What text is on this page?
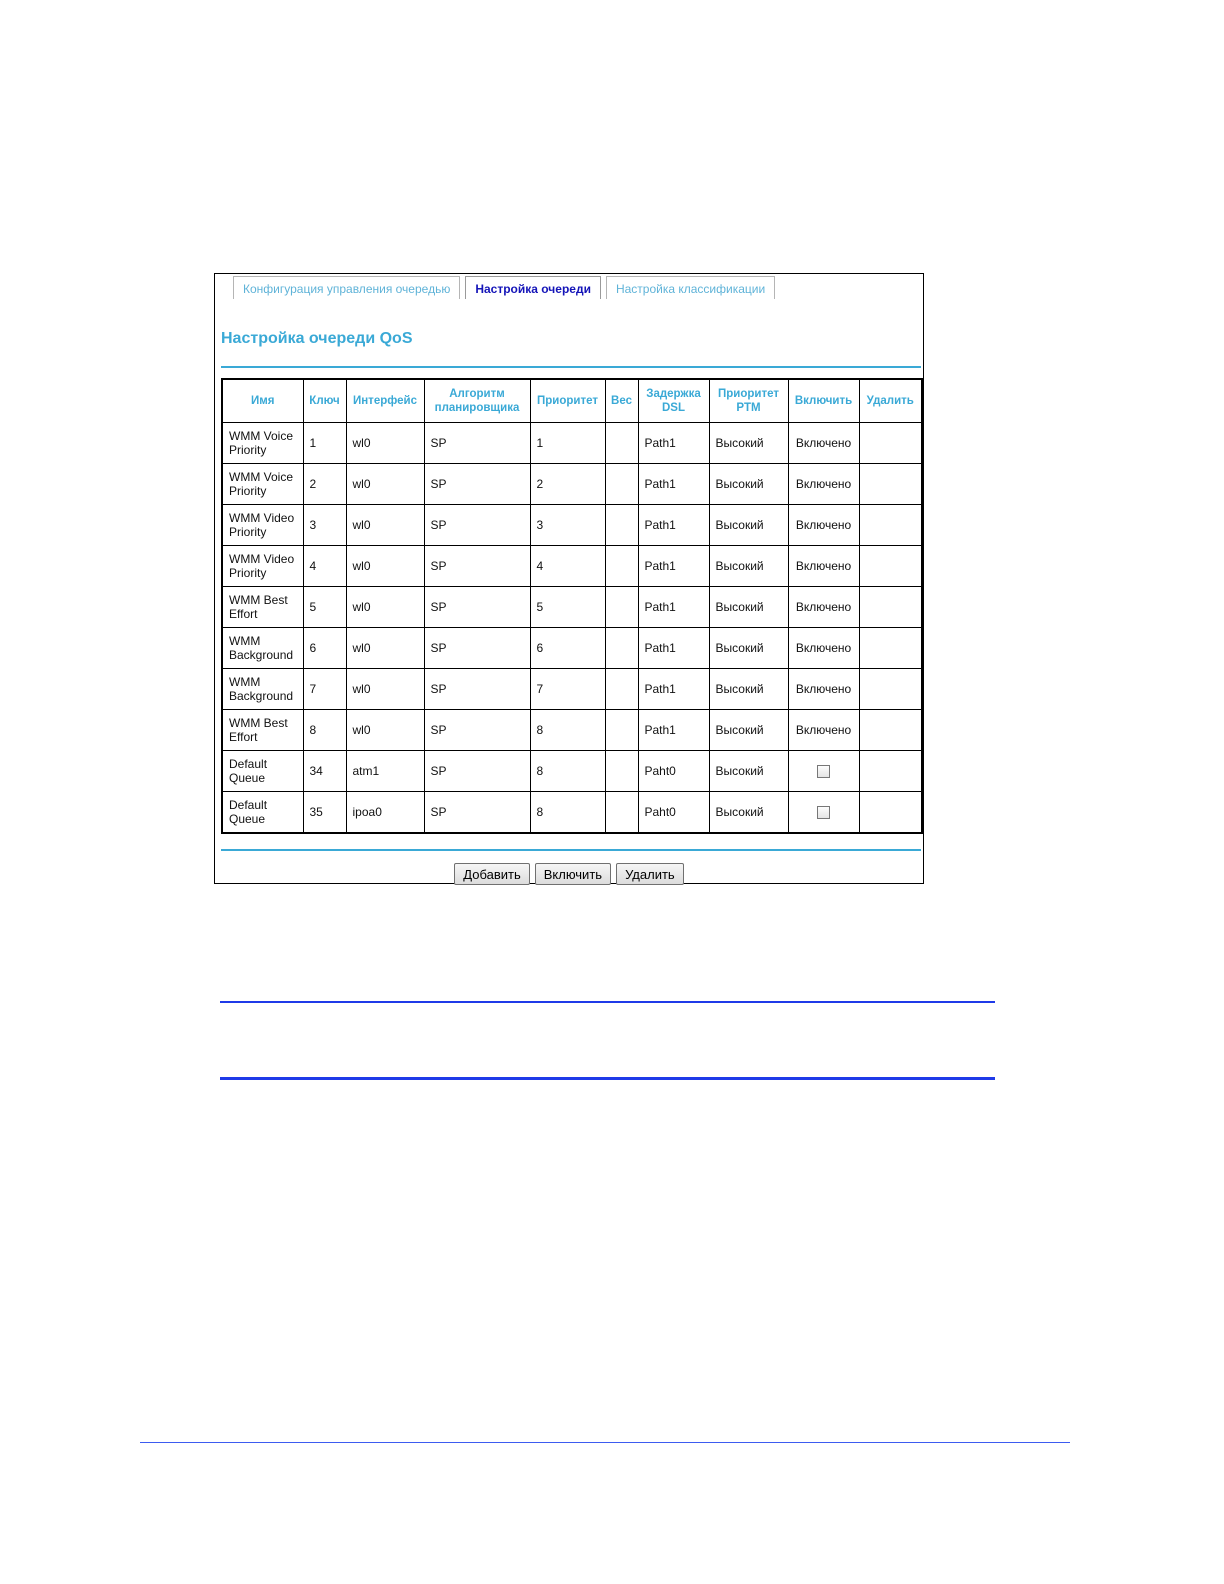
Конфигурация управления очередью	Настройка очереди	Настройка классификации
Настройка очереди QoS
Имя	Ключ	Интерфейс	Алгоритм планировщика	Приоритет	Вес	Задержка DSL	Приоритет PTM	Включить	Удалить
WMM Voice Priority	1	wl0	SP	1		Path1	Высокий	Включено	
WMM Voice Priority	2	wl0	SP	2		Path1	Высокий	Включено	
WMM Video Priority	3	wl0	SP	3		Path1	Высокий	Включено	
WMM Video Priority	4	wl0	SP	4		Path1	Высокий	Включено	
WMM Best Effort	5	wl0	SP	5		Path1	Высокий	Включено	
WMM Background	6	wl0	SP	6		Path1	Высокий	Включено	
WMM Background	7	wl0	SP	7		Path1	Высокий	Включено	
WMM Best Effort	8	wl0	SP	8		Path1	Высокий	Включено	
Default Queue	34	atm1	SP	8		Paht0	Высокий		
Default Queue	35	ipoa0	SP	8		Paht0	Высокий		
Добавить	Включить	Удалить
